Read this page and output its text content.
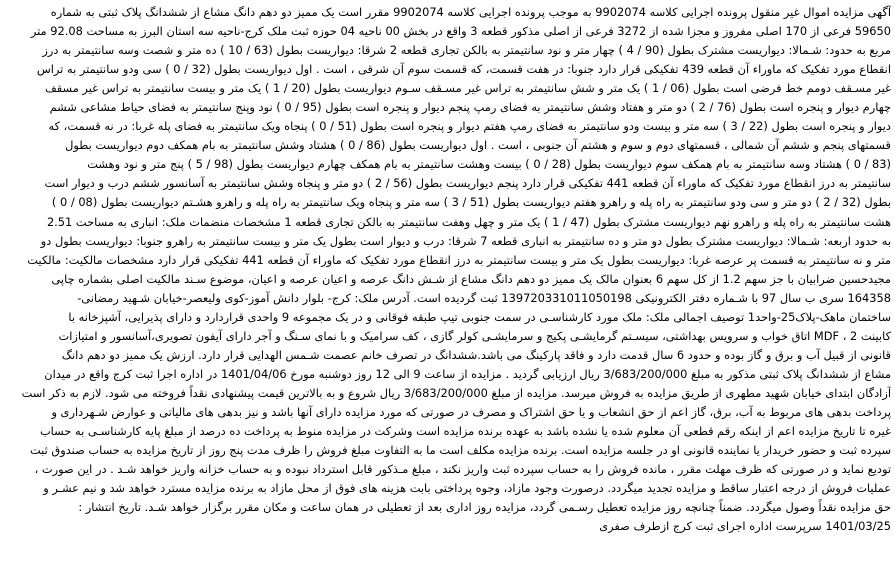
آگهی مزایده اموال غیر منقول پرونده اجرایی کلاسه 9902074 به موجب پرونده اجرایی کلاسه 9902074 مقرر است یک ممیز دو دهم دانگ مشاع از ششدانگ پلاک ثبتی به شماره
59650 فرعی از 170 اصلی مفروز و مجزا شده از 3272 فرعی از اصلی مذکور قطعه 3 واقع در بخش 00 ناحیه 04 حوزه ثبت ملک کرج-ناحیه سه استان البرز به مساحت 92.08 متر
مربع به حدود: شـمالا: دیواریست مشترک بطول (90 / 4 ) چهار متر و نود سانتیمتر به بالکن تجاری قطعه 2 شرقا: دیواریست بطول (63 / 10 ) ده متر و شصت وسه سانتیمتر به درز
انقطاع مورد تفکیک که ماوراء آن قطعه 439 تفکیکی قرار دارد جنوبا: در هفت قسمت، که قسمت سوم آن شرقی ، است . اول دیواریست بطول (32 / 0 ) سی ودو سانتیمتر به تراس
غیر مسـقف دومم خط فرضی است بطول (06 / 1 ) یک متر و شش سانتیمتر به تراس غیر مسـقف سـوم دیواریست بطول (20 / 1 ) یک متر و بیست سانتیمتر به تراس غیر مسقف
چهارم دیوار و پنجره است بطول (76 / 2 ) دو متر و هفتاد وشش سانتیمتر به فضای رمپ پنجم دیوار و پنجره است بطول (95 / 0 ) نود وپنج سانتیمتر به فضای حیاط مشاعی ششم
دیوار و پنجره است بطول (22 / 3 ) سه متر و بیست ودو سانتیمتر به فضای رمپ هفتم دیوار و پنجره است بطول (51 / 0 ) پنجاه ویک سانتیمتر به فضای پله غربا: در نه قسمت، که
قسمتهای پنجم و ششم آن شمالی ، قسمتهای دوم و سوم و هشتم آن جنوبی ، است . اول دیواریست بطول (86 / 0 ) هشتاد وشش سانتیمتر به بام همکف دوم دیواریست بطول
(83 / 0 ) هشتاد وسه سانتیمتر به بام همکف سوم دیواریست بطول (28 / 0 ) بیست وهشت سانتیمتر به بام همکف چهارم دیواریست بطول (98 / 5 ) پنج متر و نود وهشت
سانتیمتر به درز انقطاع مورد تفکیک که ماوراء آن قطعه 441 تفکیکی قرار دارد پنجم دیواریست بطول (56 / 2 ) دو متر و پنجاه وشش سانتیمتر به آسانسور ششم درب و دیوار است
بطول (32 / 2 ) دو متر و سی ودو سانتیمتر به راه پله و راهرو هفتم دیواریست بطول (51 / 3 ) سه متر و پنجاه ویک سانتیمتر به راه پله و راهرو هشـتم دیواریست بطول (08 / 0 )
هشت سانتیمتر به راه پله و راهرو نهم دیواریست مشترک بطول (47 / 1 ) یک متر و چهل وهفت سانتیمتر به بالکن تجاری قطعه 1 مشخصات منضمات ملک: انباری به مساحت 2.51
به حدود اربعه: شـمالا: دیواریست مشترک بطول دو متر و ده سانتیمتر به انباری قطعه 7 شرقا: درب و دیوار است بطول یک متر و بیست سانتیمتر به راهرو جنوبا: دیواریست بطول دو
متر و نه سانتیمتر به قسمت پر عرصه غربا: دیواریست بطول یک متر و بیست سانتیمتر به درز انقطاع مورد تفکیک که ماوراء آن قطعه 441 تفکیکی قرار دارد مشخصات مالکیت: مالکیت
مجیدحسین ضرابیان با جز سهم 1.2 از کل سهم 6 بعنوان مالک یک ممیز دو دهم دانگ مشاع از شـش دانگ عرصه و اعیان عرصه و اعیان، موضوع سـند مالکیت اصلی بشماره چاپی
164358 سری ب سال 97 با شـماره دفتر الکترونیکی 139720331011050198 ثبت گردیده است. آدرس ملک: کرج- بلوار دانش آموز-کوی ولیعصر-خیابان شـهید رمضانی-
ساختمان ماهک-پلاک25-واحد1 توصیف اجمالی ملک: ملک مورد کارشناسـی در سمت جنوبی تیپ طبقه فوقانی و در یک مجموعه 9 واحدی قراردارد و دارای پذیرایی، آشپزخانه با
کابینت MDF ، 2 اتاق خواب و سرویس بهداشتی، سیسـتم گرمایشـی پکیج و سرمایشـی کولر گازی ، کف سرامیک و با نمای سـنگ و آجر دارای آیفون تصویری،آسانسور و امتیازات
قانونی از قبیل آب و برق و گاز بوده و حدود 6 سال قدمت دارد و فاقد پارکینگ می باشد.ششدانگ در تصرف خانم عصمت شـمس الهدایی قرار دارد. ارزش یک ممیز دو دهم دانگ
مشاع از ششدانگ پلاک ثبتی مذکور به مبلغ 3/683/200/000 ریال ارزیابی گردید . مزایده از ساعت 9 الی 12 روز دوشنبه مورخ 1401/04/06 در اداره اجرا ثبت کرج واقع در میدان
آزادگان ابتدای خیابان شهید مطهری از طریق مزایده به فروش میرسد. مزایده از مبلغ 3/683/200/000 ریال شروع و به بالاترین قیمت پیشنهادی نقداً فروخته می شود. لازم به ذکر است
پرداخت بدهی های مربوط به آب، برق، گاز اعم از حق انشعاب و یا حق اشتراک و مصرف در صورتی که مورد مزایده دارای آنها باشد و نیز بدهی های مالیاتی و عوارض شـهرداری و
غیره تا تاریخ مزایده اعم از اینکه رقم قطعی آن معلوم شده یا نشده باشد به عهده برنده مزایده است وشرکت در مزایده منوط به پرداخت ده درصد از مبلغ پایه کارشناسـی به حساب
سپرده ثبت و حضور خریدار یا نماینده قانونی او در جلسه مزایده است. برنده مزایده مکلف است ما به التفاوت مبلغ فروش را ظرف مدت پنج روز از تاریخ مزایده به حساب صندوق ثبت
تودیع نماید و در صورتی که ظرف مهلت مقرر ، مانده فروش را به حساب سپرده ثبت واریز نکند ، مبلغ مـذکور قابل استرداد نبوده و به حساب خزانه واریز خواهد شـد . در این صورت ،
عملیات فروش از درجه اعتبار ساقط و مزایده تجدید میگردد. درصورت وجود مازاد، وجوه پرداختی بابت هزینه های فوق از محل مازاد به برنده مزایده مسترد خواهد شد و نیم عشـر و
حق مزایده نقداً وصول میگردد. ضمناً چنانچه روز مزایده تعطیل رسـمی گردد، مزایده روز اداری بعد از تعطیلی در همان ساعت و مکان مقرر برگزار خواهد شـد. تاریخ انتشار :
1401/03/25 سرپرست اداره اجرای ثبت کرج ازطرف صفری
